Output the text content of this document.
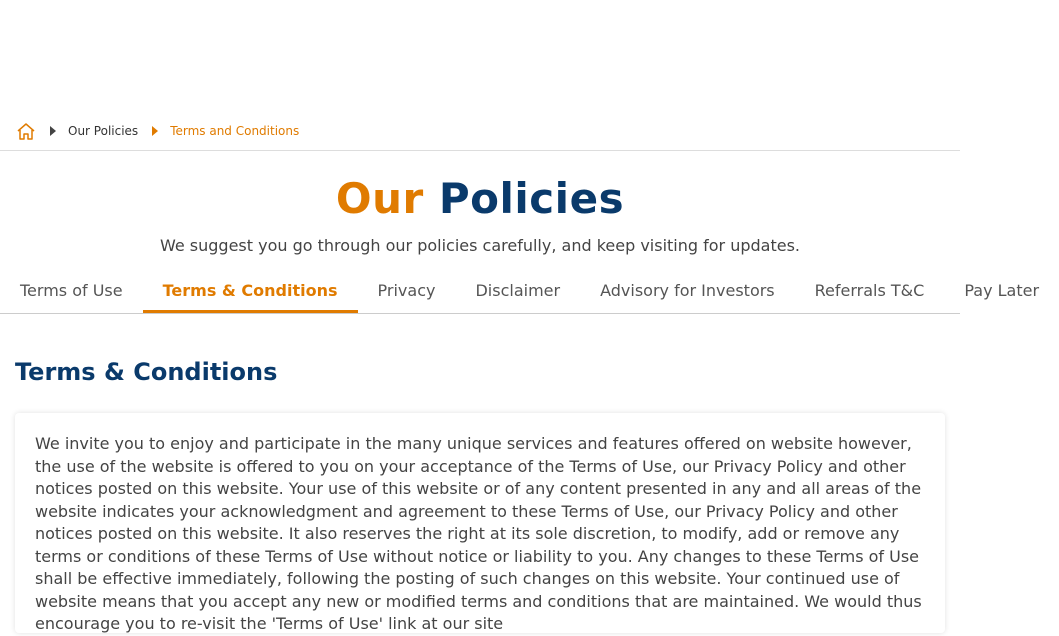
Our Policies	Terms and Conditions
Our Policies
We suggest you go through our policies carefully, and keep visiting for updates.
Terms of Use	Terms & Conditions	Privacy	Disclaimer	Advisory for Investors	Referrals T&C	Pay Later
Terms & Conditions

We invite you to enjoy and participate in the many unique services and features offered on website however, the use of the website is offered to you on your acceptance of the Terms of Use, our Privacy Policy and other notices posted on this website. Your use of this website or of any content presented in any and all areas of the website indicates your acknowledgment and agreement to these Terms of Use, our Privacy Policy and other notices posted on this website. It also reserves the right at its sole discretion, to modify, add or remove any terms or conditions of these Terms of Use without notice or liability to you. Any changes to these Terms of Use shall be effective immediately, following the posting of such changes on this website. Your continued use of website means that you accept any new or modified terms and conditions that are maintained. We would thus encourage you to re-visit the 'Terms of Use' link at our site
